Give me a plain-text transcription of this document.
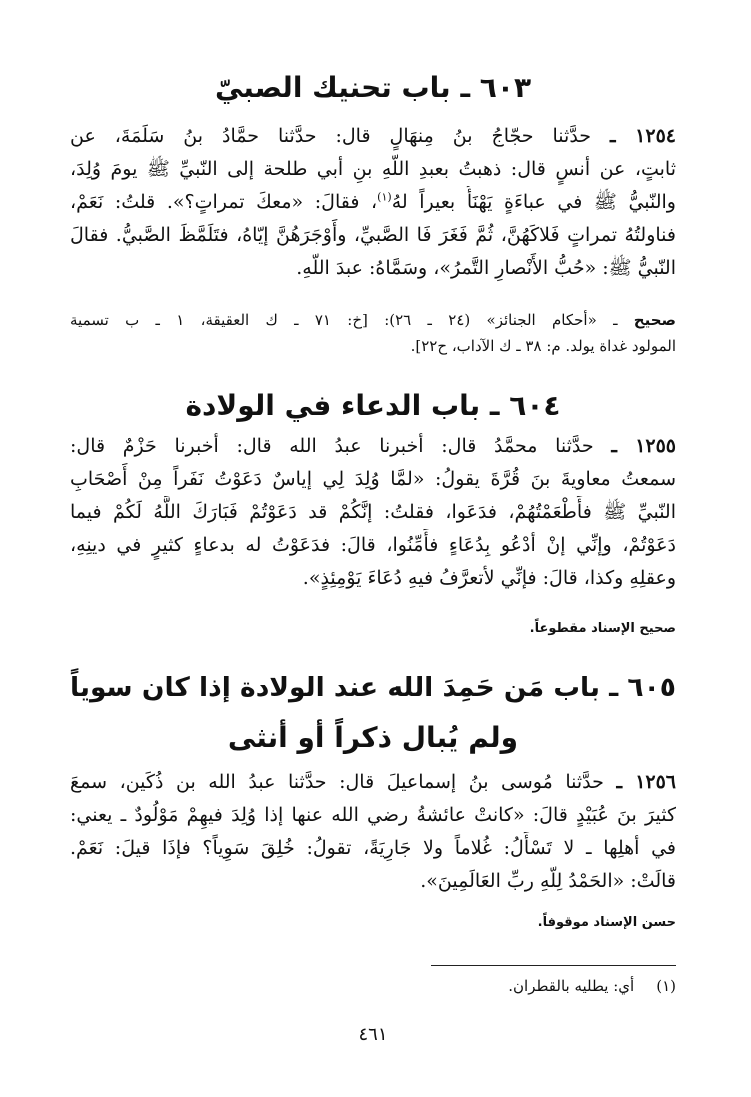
٦٠٣ ـ باب تحنيك الصبيّ
١٢٥٤ ـ حدَّثنا حجّاجُ بنُ مِنهَالٍ قال: حدَّثنا حمَّادُ بنُ سَلَمَةَ، عن
ثابتٍ، عن أنسٍ قال: ذهبتُ بعبدِ اللّهِ بنِ أبي طلحة إلى النّبيِّ ﷺ يومَ وُلِدَ،
والنّبيُّ ﷺ في عباءَةٍ يَهْنَأُ بعيراً لهُ$^{(١)}$، فقالَ: «معكَ تمراتٍ؟». قلتُ: نَعَمْ،
فناولتُهُ تمراتٍ فَلاكَهُنَّ، ثُمَّ فَغَرَ فَا الصَّبيِّ، وأَوْجَرَهُنَّ إيّاهُ، فتَلَمَّظَ الصَّبيُّ. فقالَ
النّبيُّ ﷺ: «حُبُّ الأَنْصارِ التَّمرُ»، وسَمَّاهُ: عبدَ اللّهِ.
صحيح ـ «أحكام الجنائز» (٢٤ ـ ٢٦): [خ: ٧١ ـ ك العقيقة، ١ ـ ب تسمية
المولود غداة يولد. م: ٣٨ ـ ك الآداب، ح٢٢].
٦٠٤ ـ باب الدعاء في الولادة
١٢٥٥ ـ حدَّثنا محمَّدُ قال: أخبرنا عبدُ الله قال: أخبرنا حَزْمٌ قال:
سمعتُ معاويةَ بنَ قُرَّةَ يقولُ: «لمَّا وُلِدَ لِي إياسٌ دَعَوْتُ نَفَراً مِنْ أَصْحَابِ
النّبيِّ ﷺ فأَطْعَمْتُهُمْ، فدَعَوا، فقلتُ: إنَّكُمْ قد دَعَوْتُمْ فَبَارَكَ اللَّهُ لَكُمْ فيما
دَعَوْتُمْ، وإنِّي إنْ أدْعُو بِدُعَاءٍ فأَمِّنُوا، قالَ: فدَعَوْتُ له بدعاءٍ كثيرٍ في دينِهِ،
وعقلِهِ وكذا، قالَ: فإنِّي لأتعرَّفُ فيهِ دُعَاءَ يَوْمِئِذٍ».
صحيح الإسناد مقطوعاً.
٦٠٥ ـ باب مَن حَمِدَ الله عند الولادة إذا كان سوياً
ولم يُبال ذكراً أو أنثى
١٢٥٦ ـ حدَّثنا مُوسى بنُ إسماعيلَ قال: حدَّثنا عبدُ الله بن ذُكَين، سمعَ
كثيرَ بنَ عُبَيْدٍ قالَ: «كانتْ عائشةُ رضي الله عنها إذا وُلِدَ فيهِمْ مَوْلُودٌ ـ يعني:
في أهلِها ـ لا تَسْأَلُ: غُلاماً ولا جَارِيَةً، تقولُ: خُلِقَ سَوِياً؟ فإذَا قيلَ: نَعَمْ.
قالَتْ: «الحَمْدُ لِلّهِ ربِّ العَالَمِينَ».
حسن الإسناد موقوفاً.
(١)أي: يطليه بالقطران.
٤٦١
